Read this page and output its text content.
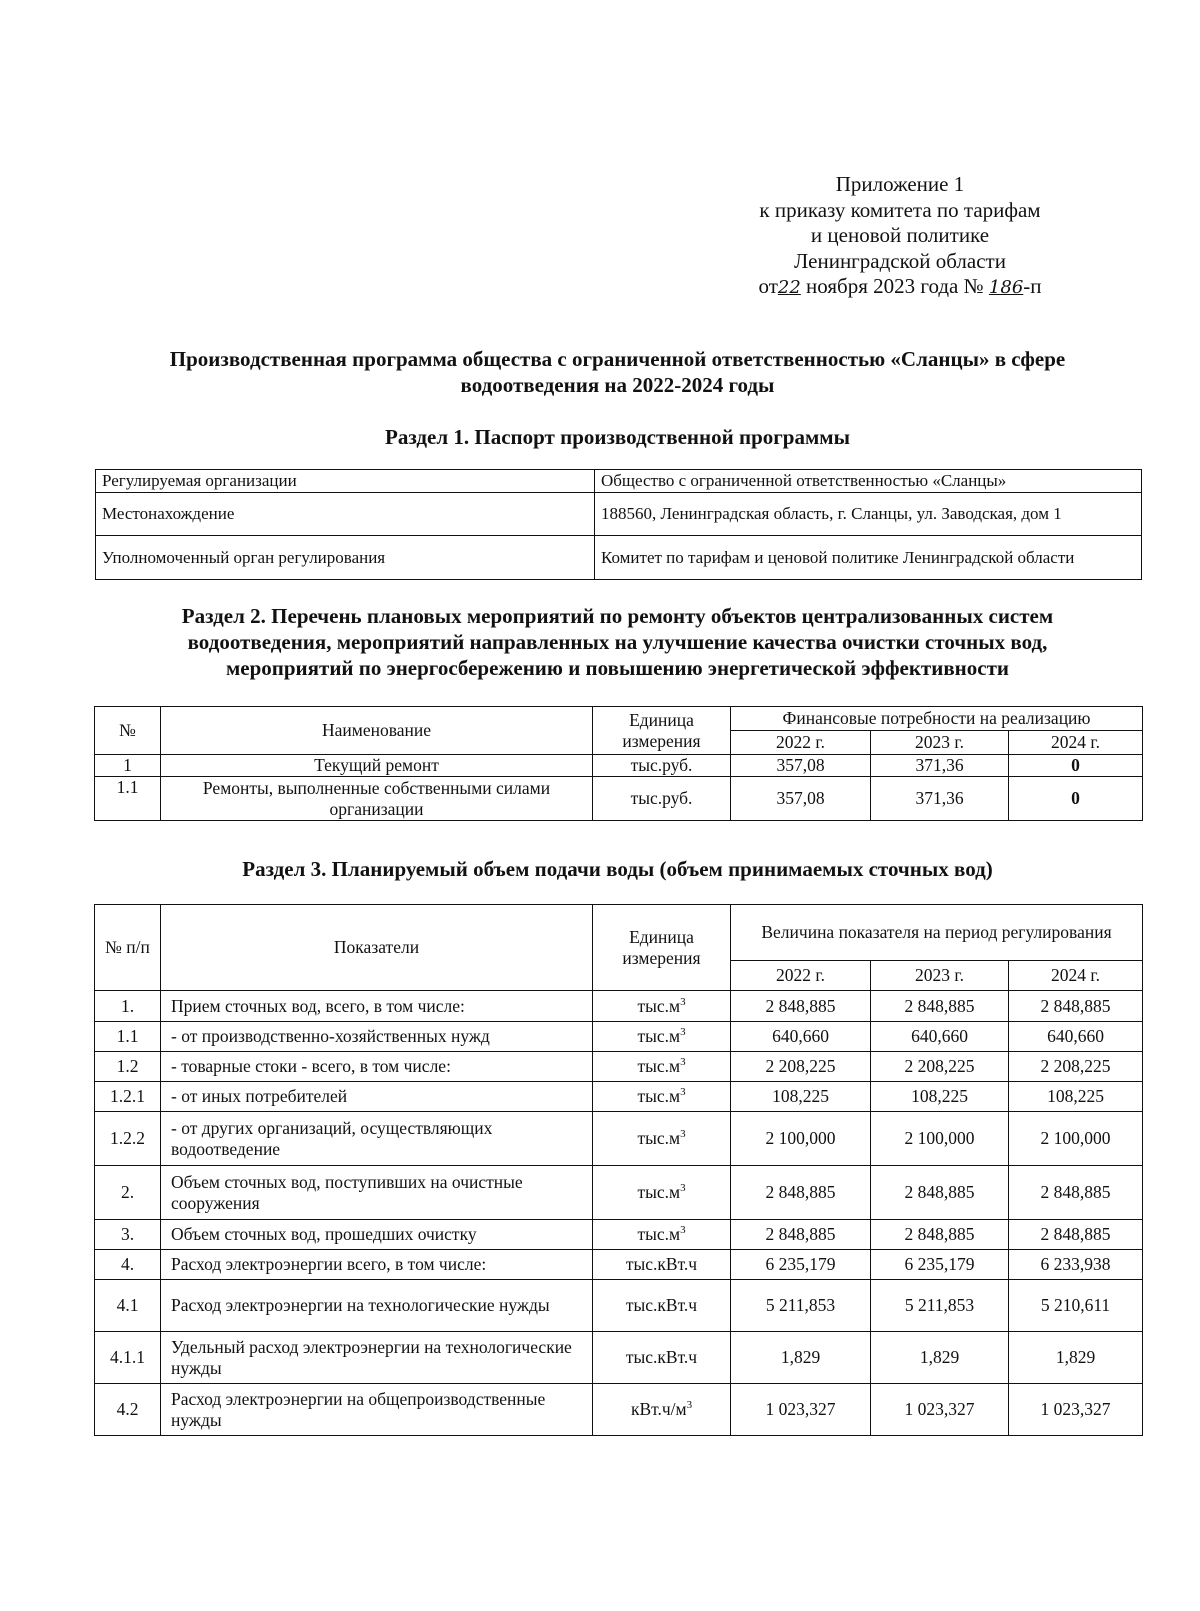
Приложение 1
к приказу комитета по тарифам
и ценовой политике
Ленинградской области
от22 ноября 2023 года № 186-п
Производственная программа общества с ограниченной ответственностью «Сланцы» в сфере
водоотведения на 2022-2024 годы
Раздел 1. Паспорт производственной программы
Регулируемая организации	Общество с ограниченной ответственностью «Сланцы»
Местонахождение	188560, Ленинградская область, г. Сланцы, ул. Заводская, дом 1
Уполномоченный орган регулирования	Комитет по тарифам и ценовой политике Ленинградской области
Раздел 2. Перечень плановых мероприятий по ремонту объектов централизованных систем
водоотведения, мероприятий направленных на улучшение качества очистки сточных вод,
мероприятий по энергосбережению и повышению энергетической эффективности
№	Наименование	Единица измерения	Финансовые потребности на реализацию		
			2022 г.	2023 г.	2024 г.
1	Текущий ремонт	тыс.руб.	357,08	371,36	0
1.1	Ремонты, выполненные собственными силами организации	тыс.руб.	357,08	371,36	0
Раздел 3. Планируемый объем подачи воды (объем принимаемых сточных вод)
№ п/п	Показатели	Единица измерения	Величина показателя на период регулирования		
			2022 г.	2023 г.	2024 г.
1.	Прием сточных вод, всего, в том числе:	$тыс.м^3$	2 848,885	2 848,885	2 848,885
1.1	- от производственно-хозяйственных нужд	$тыс.м^3$	640,660	640,660	640,660
1.2	- товарные стоки - всего, в том числе:	$тыс.м^3$	2 208,225	2 208,225	2 208,225
1.2.1	- от иных потребителей	$тыс.м^3$	108,225	108,225	108,225
1.2.2	- от других организаций, осуществляющих водоотведение	$тыс.м^3$	2 100,000	2 100,000	2 100,000
2.	Объем сточных вод, поступивших на очистные сооружения	$тыс.м^3$	2 848,885	2 848,885	2 848,885
3.	Объем сточных вод, прошедших очистку	$тыс.м^3$	2 848,885	2 848,885	2 848,885
4.	Расход электроэнергии всего, в том числе:	тыс.кВт.ч	6 235,179	6 235,179	6 233,938
4.1	Расход электроэнергии на технологические нужды	тыс.кВт.ч	5 211,853	5 211,853	5 210,611
4.1.1	Удельный расход электроэнергии на технологические нужды	тыс.кВт.ч	1,829	1,829	1,829
4.2	Расход электроэнергии на общепроизводственные нужды	$кВт.ч/м^3$	1 023,327	1 023,327	1 023,327
